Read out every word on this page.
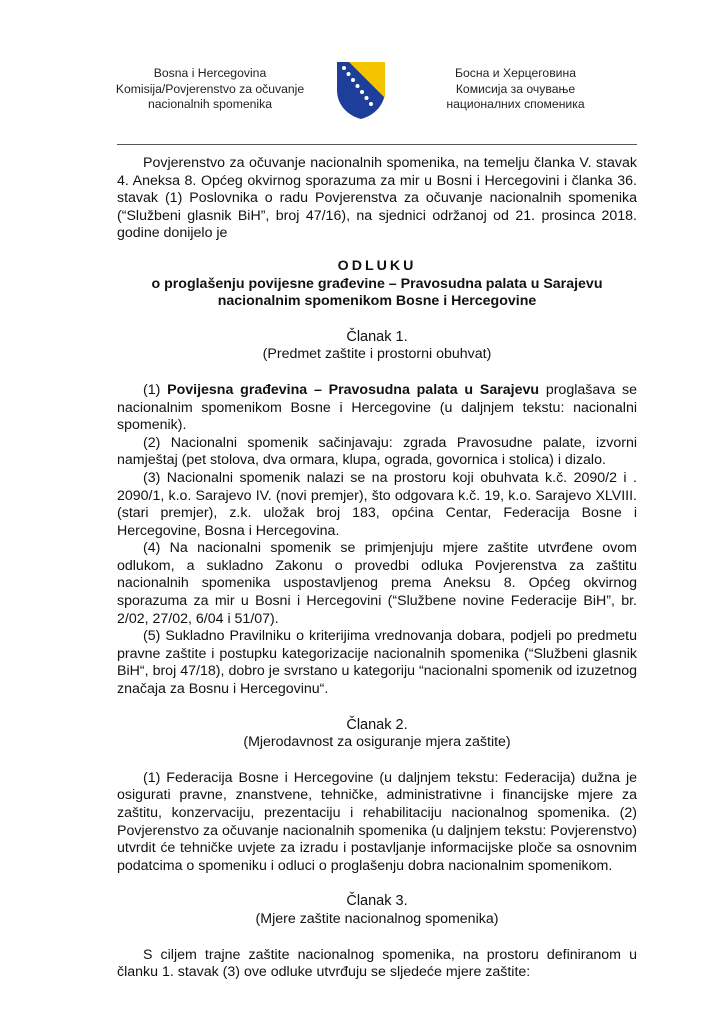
Bosna i Hercegovina
Komisija/Povjerenstvo za očuvanje
nacionalnih spomenika
Босна и Херцеговина
Комисија за очување
националних споменика

Povjerenstvo za očuvanje nacionalnih spomenika, na temelju članka V. stavak 4. Aneksa 8. Općeg okvirnog sporazuma za mir u Bosni i Hercegovini i članka 36. stavak (1) Poslovnika o radu Povjerenstva za očuvanje nacionalnih spomenika (“Službeni glasnik BiH”, broj 47/16), na sjednici održanoj od 21. prosinca 2018. godine donijelo je

ODLUKU
o proglašenju povijesne građevine – Pravosudna palata u Sarajevu
nacionalnim spomenikom Bosne i Hercegovine
Članak 1.
(Predmet zaštite i prostorni obuhvat)

(1) Povijesna građevina – Pravosudna palata u Sarajevu proglašava se nacionalnim spomenikom Bosne i Hercegovine (u daljnjem tekstu: nacionalni spomenik).

(2) Nacionalni spomenik sačinjavaju: zgrada Pravosudne palate, izvorni namještaj (pet stolova, dva ormara, klupa, ograda, govornica i stolica) i dizalo.

(3) Nacionalni spomenik nalazi se na prostoru koji obuhvata k.č. 2090/2 i . 2090/1, k.o. Sarajevo IV. (novi premjer), što odgovara k.č. 19, k.o. Sarajevo XLVIII. (stari premjer), z.k. uložak broj 183, općina Centar, Federacija Bosne i Hercegovine, Bosna i Hercegovina.

(4) Na nacionalni spomenik se primjenjuju mjere zaštite utvrđene ovom odlukom, a sukladno Zakonu o provedbi odluka Povjerenstva za zaštitu nacionalnih spomenika uspostavljenog prema Aneksu 8. Općeg okvirnog sporazuma za mir u Bosni i Hercegovini (“Službene novine Federacije BiH”, br. 2/02, 27/02, 6/04 i 51/07).

(5) Sukladno Pravilniku o kriterijima vrednovanja dobara, podjeli po predmetu pravne zaštite i postupku kategorizacije nacionalnih spomenika (“Službeni glasnik BiH“, broj 47/18), dobro je svrstano u kategoriju “nacionalni spomenik od izuzetnog značaja za Bosnu i Hercegovinu“.

Članak 2.
(Mjerodavnost za osiguranje mjera zaštite)

(1) Federacija Bosne i Hercegovine (u daljnjem tekstu: Federacija) dužna je osigurati pravne, znanstvene, tehničke, administrativne i financijske mjere za zaštitu, konzervaciju, prezentaciju i rehabilitaciju nacionalnog spomenika. (2) Povjerenstvo za očuvanje nacionalnih spomenika (u daljnjem tekstu: Povjerenstvo) utvrdit će tehničke uvjete za izradu i postavljanje informacijske ploče sa osnovnim podatcima o spomeniku i odluci o proglašenju dobra nacionalnim spomenikom.

Članak 3.
(Mjere zaštite nacionalnog spomenika)

S ciljem trajne zaštite nacionalnog spomenika, na prostoru definiranom u članku 1. stavak (3) ove odluke utvrđuju se sljedeće mjere zaštite:
